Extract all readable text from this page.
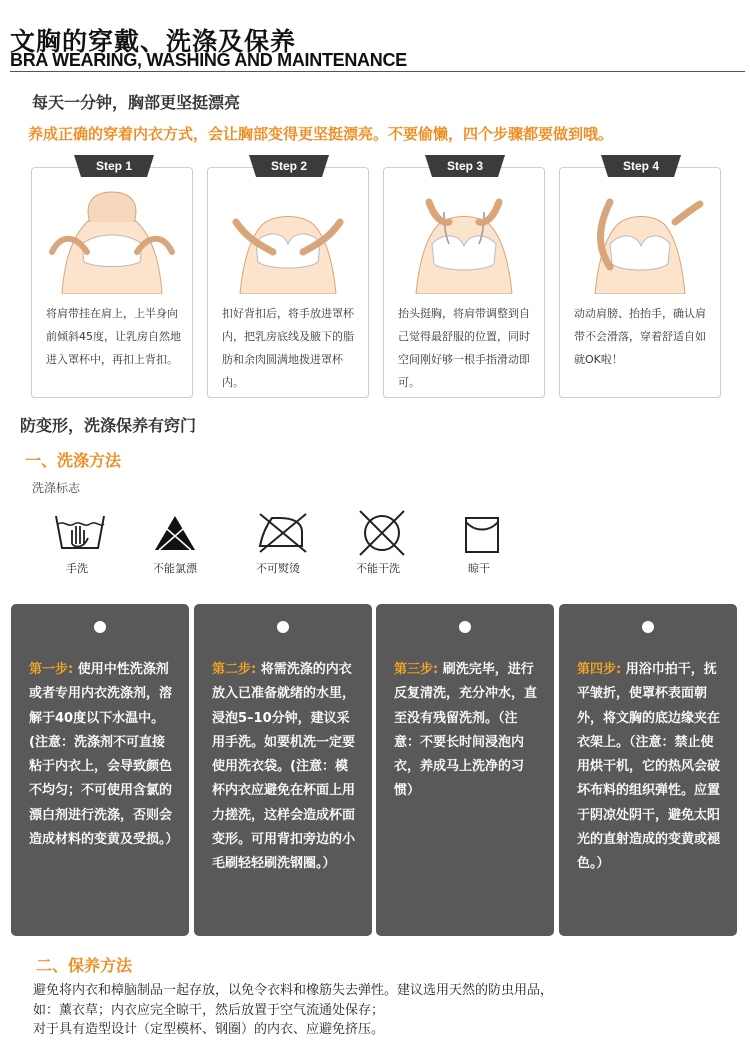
文胸的穿戴、洗涤及保养
BRA WEARING, WASHING AND MAINTENANCE
每天一分钟，胸部更坚挺漂亮
养成正确的穿着内衣方式，会让胸部变得更坚挺漂亮。不要偷懒，四个步骤都要做到哦。
将肩带挂在肩上，上半身向前倾斜45度，让乳房自然地进入罩杯中，再扣上背扣。
Step 1
扣好背扣后，将手放进罩杯内，把乳房底线及腋下的脂肪和余肉圆满地拨进罩杯内。
Step 2
抬头挺胸，将肩带调整到自己觉得最舒服的位置，同时空间刚好够一根手指滑动即可。
Step 3
动动肩膀、抬抬手，确认肩带不会滑落，穿着舒适自如就OK啦！
Step 4
防变形，洗涤保养有窍门
一、洗涤方法
洗涤标志
手洗	不能氯漂	不可熨烫	不能干洗	晾干
第一步: 使用中性洗涤剂或者专用内衣洗涤剂，溶解于40度以下水温中。(注意：洗涤剂不可直接粘于内衣上，会导致颜色不均匀；不可使用含氯的漂白剂进行洗涤，否则会造成材料的变黄及受损。）
第二步: 将需洗涤的内衣放入已准备就绪的水里，浸泡5–10分钟，建议采用手洗。如要机洗一定要使用洗衣袋。(注意：模杯内衣应避免在杯面上用力搓洗，这样会造成杯面变形。可用背扣旁边的小毛刷轻轻刷洗钢圈。）
第三步: 刷洗完毕，进行反复清洗，充分冲水，直至没有残留洗剂。（注意：不要长时间浸泡内衣，养成马上洗净的习惯）
第四步: 用浴巾拍干，抚平皱折，使罩杯表面朝外，将文胸的底边缘夹在衣架上。（注意：禁止使用烘干机，它的热风会破坏布料的组织弹性。应置于阴凉处阴干，避免太阳光的直射造成的变黄或褪色。）
二、保养方法
避免将内衣和樟脑制品一起存放，以免令衣料和橡筋失去弹性。建议选用天然的防虫用品，
如：薰衣草；内衣应完全晾干，然后放置于空气流通处保存；
对于具有造型设计（定型模杯、钢圈）的内衣、应避免挤压。
